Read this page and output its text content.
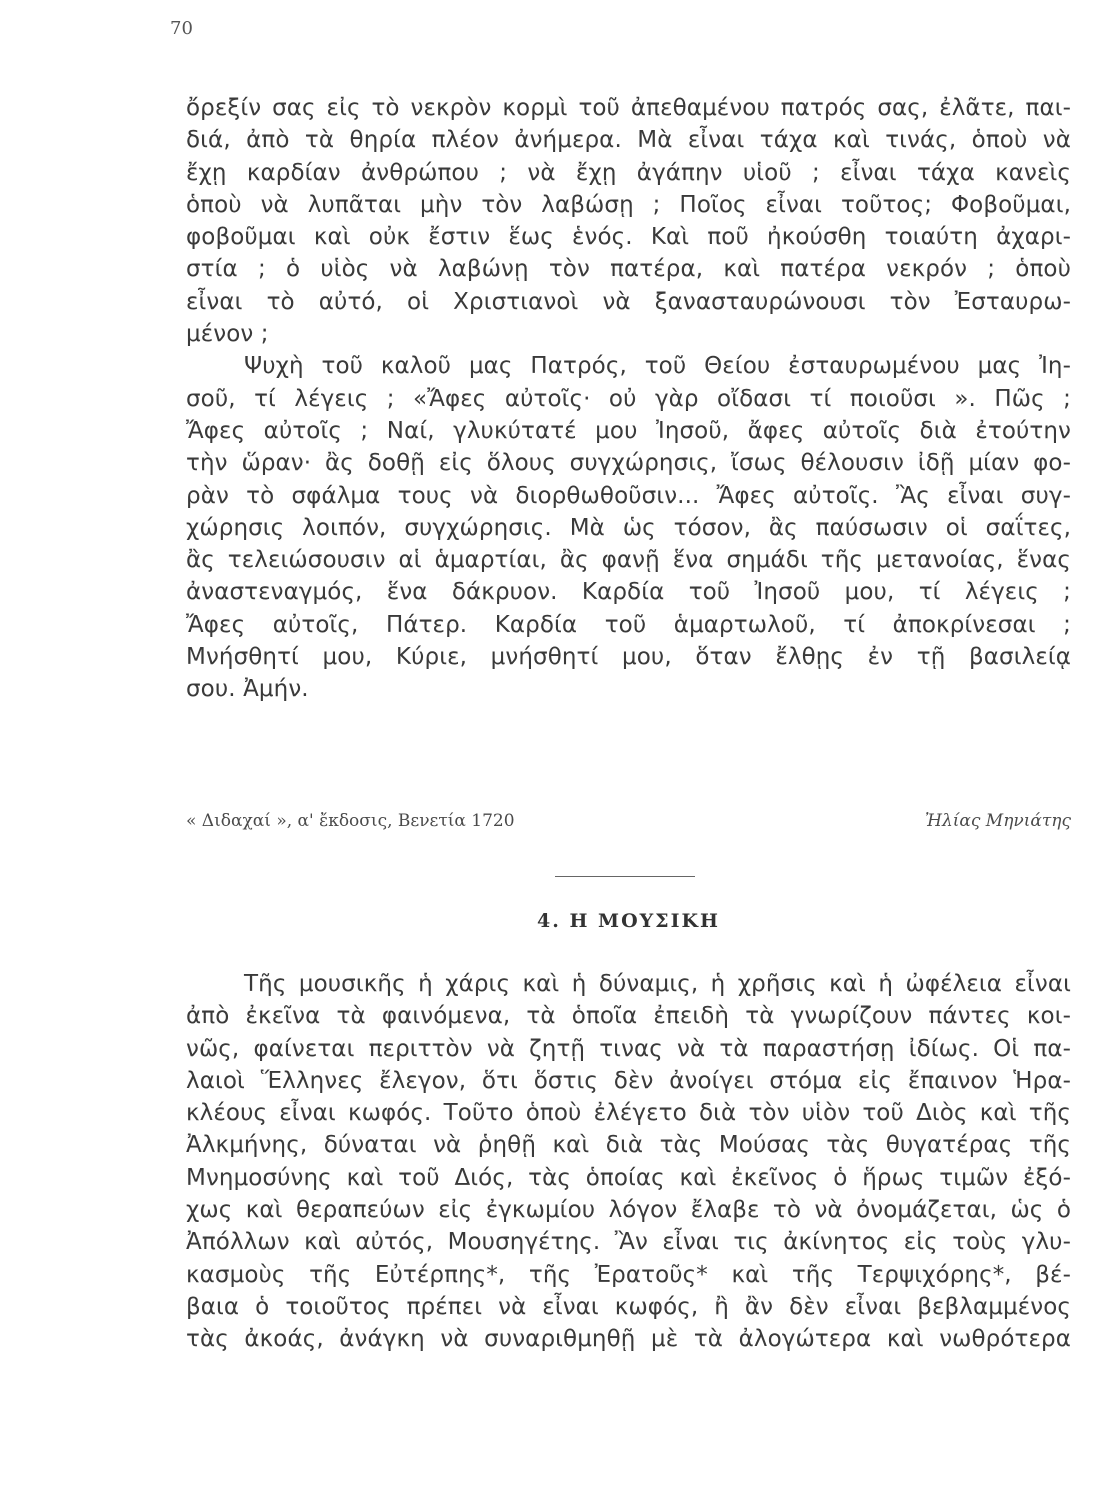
70
ὄρεξίν σας εἰς τὸ νεκρὸν κορμὶ τοῦ ἀπεθαμένου πατρός σας, ἐλᾶτε, παι-
διά, ἀπὸ τὰ θηρία πλέον ἀνήμερα. Μὰ εἶναι τάχα καὶ τινάς, ὁποὺ νὰ
ἔχῃ καρδίαν ἀνθρώπου ; νὰ ἔχῃ ἀγάπην υἱοῦ ; εἶναι τάχα κανεὶς
ὁποὺ νὰ λυπᾶται μὴν τὸν λαβώσῃ ; Ποῖος εἶναι τοῦτος; Φοβοῦμαι,
φοβοῦμαι καὶ οὐκ ἔστιν ἕως ἑνός. Καὶ ποῦ ἠκούσθη τοιαύτη ἀχαρι-
στία ; ὁ υἱὸς νὰ λαβώνῃ τὸν πατέρα, καὶ πατέρα νεκρόν ; ὁποὺ
εἶναι τὸ αὐτό, οἱ Χριστιανοὶ νὰ ξανασταυρώνουσι τὸν Ἐσταυρω-
μένον ;
Ψυχὴ τοῦ καλοῦ μας Πατρός, τοῦ Θείου ἐσταυρωμένου μας Ἰη-
σοῦ, τί λέγεις ; «Ἄφες αὐτοῖς· οὐ γὰρ οἴδασι τί ποιοῦσι ». Πῶς ;
Ἄφες αὐτοῖς ; Ναί, γλυκύτατέ μου Ἰησοῦ, ἄφες αὐτοῖς διὰ ἐτούτην
τὴν ὥραν· ἂς δοθῇ εἰς ὅλους συγχώρησις, ἴσως θέλουσιν ἰδῇ μίαν φο-
ρὰν τὸ σφάλμα τους νὰ διορθωθοῦσιν... Ἄφες αὐτοῖς. Ἂς εἶναι συγ-
χώρησις λοιπόν, συγχώρησις. Μὰ ὡς τόσον, ἂς παύσωσιν οἱ σαΐτες,
ἂς τελειώσουσιν αἱ ἁμαρτίαι, ἂς φανῇ ἕνα σημάδι τῆς μετανοίας, ἕνας
ἀναστεναγμός, ἕνα δάκρυον. Καρδία τοῦ Ἰησοῦ μου, τί λέγεις ;
Ἄφες αὐτοῖς, Πάτερ. Καρδία τοῦ ἁμαρτωλοῦ, τί ἀποκρίνεσαι ;
Μνήσθητί μου, Κύριε, μνήσθητί μου, ὅταν ἔλθῃς ἐν τῇ βασιλείᾳ
σου. Ἀμήν.
« Διδαχαί », α' ἔκδοσις, Βενετία 1720	Ἠλίας Μηνιάτης
4. Η ΜΟΥΣΙΚΗ
Τῆς μουσικῆς ἡ χάρις καὶ ἡ δύναμις, ἡ χρῆσις καὶ ἡ ὠφέλεια εἶναι
ἀπὸ ἐκεῖνα τὰ φαινόμενα, τὰ ὁποῖα ἐπειδὴ τὰ γνωρίζουν πάντες κοι-
νῶς, φαίνεται περιττὸν νὰ ζητῇ τινας νὰ τὰ παραστήσῃ ἰδίως. Οἱ πα-
λαιοὶ Ἕλληνες ἔλεγον, ὅτι ὅστις δὲν ἀνοίγει στόμα εἰς ἔπαινον Ἡρα-
κλέους εἶναι κωφός. Τοῦτο ὁποὺ ἐλέγετο διὰ τὸν υἱὸν τοῦ Διὸς καὶ τῆς
Ἀλκμήνης, δύναται νὰ ῥηθῇ καὶ διὰ τὰς Μούσας τὰς θυγατέρας τῆς
Μνημοσύνης καὶ τοῦ Διός, τὰς ὁποίας καὶ ἐκεῖνος ὁ ἥρως τιμῶν ἐξό-
χως καὶ θεραπεύων εἰς ἐγκωμίου λόγον ἔλαβε τὸ νὰ ὀνομάζεται, ὡς ὁ
Ἀπόλλων καὶ αὐτός, Μουσηγέτης. Ἂν εἶναι τις ἀκίνητος εἰς τοὺς γλυ-
κασμοὺς τῆς Εὐτέρπης*, τῆς Ἐρατοῦς* καὶ τῆς Τερψιχόρης*, βέ-
βαια ὁ τοιοῦτος πρέπει νὰ εἶναι κωφός, ἢ ἂν δὲν εἶναι βεβλαμμένος
τὰς ἀκοάς, ἀνάγκη νὰ συναριθμηθῇ μὲ τὰ ἀλογώτερα καὶ νωθρότερα
